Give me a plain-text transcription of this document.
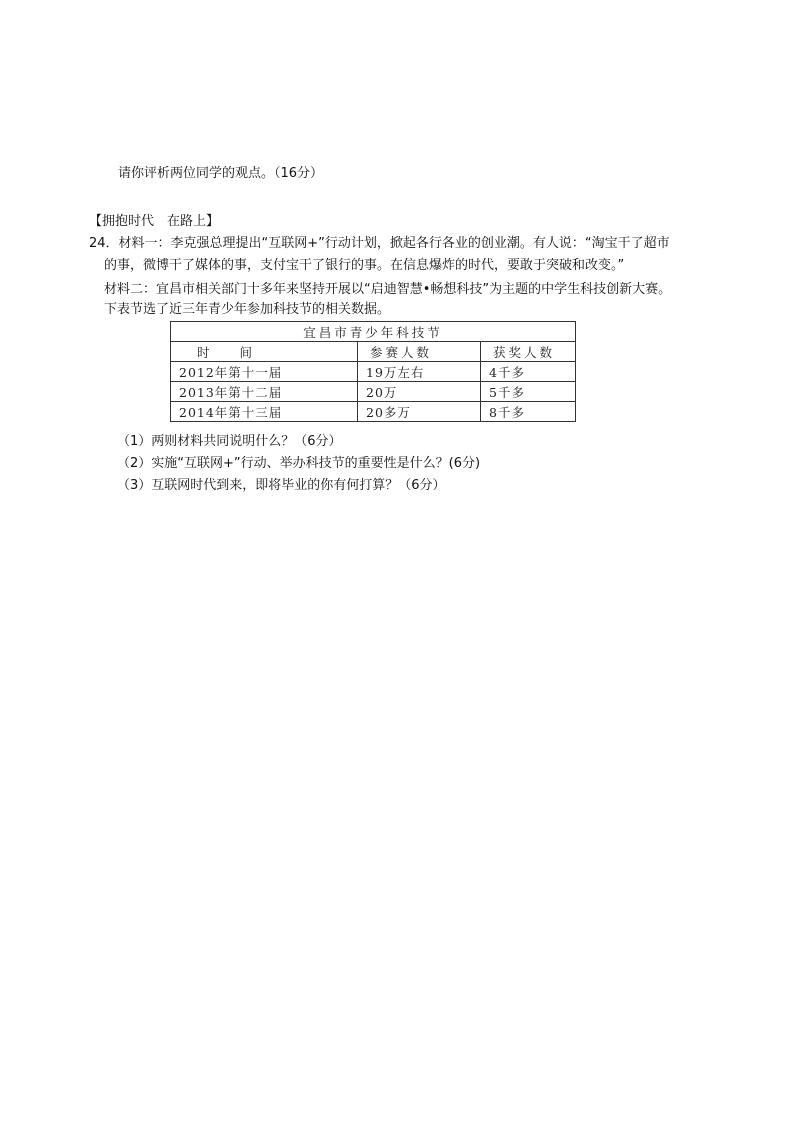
请你评析两位同学的观点。（16分）
【拥抱时代　在路上】
24．材料一：李克强总理提出“互联网+”行动计划，掀起各行各业的创业潮。有人说：“淘宝干了超市
的事，微博干了媒体的事，支付宝干了银行的事。在信息爆炸的时代，要敢于突破和改变。”
材料二：宜昌市相关部门十多年来坚持开展以“启迪智慧•畅想科技”为主题的中学生科技创新大赛。
下表节选了近三年青少年参加科技节的相关数据。
宜昌市青少年科技节		
时间	参赛人数	获奖人数
2012年第十一届	19万左右	4千多
2013年第十二届	20万	5千多
2014年第十三届	20多万	8千多
（1）两则材料共同说明什么？（6分）
（2）实施“互联网+”行动、举办科技节的重要性是什么？(6分)
（3）互联网时代到来，即将毕业的你有何打算？（6分）
